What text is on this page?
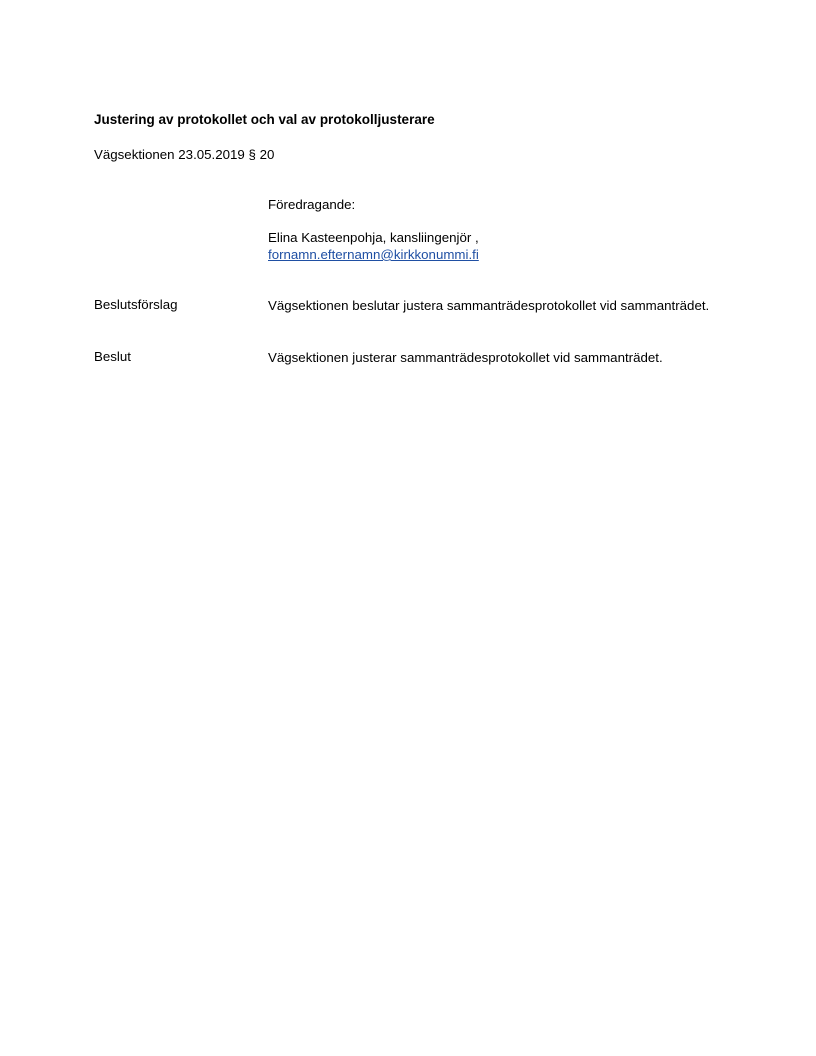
Justering av protokollet och val av protokolljusterare

Vägsektionen 23.05.2019 § 20

Föredragande:

Elina Kasteenpohja, kansliingenjör ,

fornamn.efternamn@kirkkonummi.fi
Beslutsförslag	Vägsektionen beslutar justera sammanträdesprotokollet vid sammanträdet.
Beslut	Vägsektionen justerar sammanträdesprotokollet vid sammanträdet.
